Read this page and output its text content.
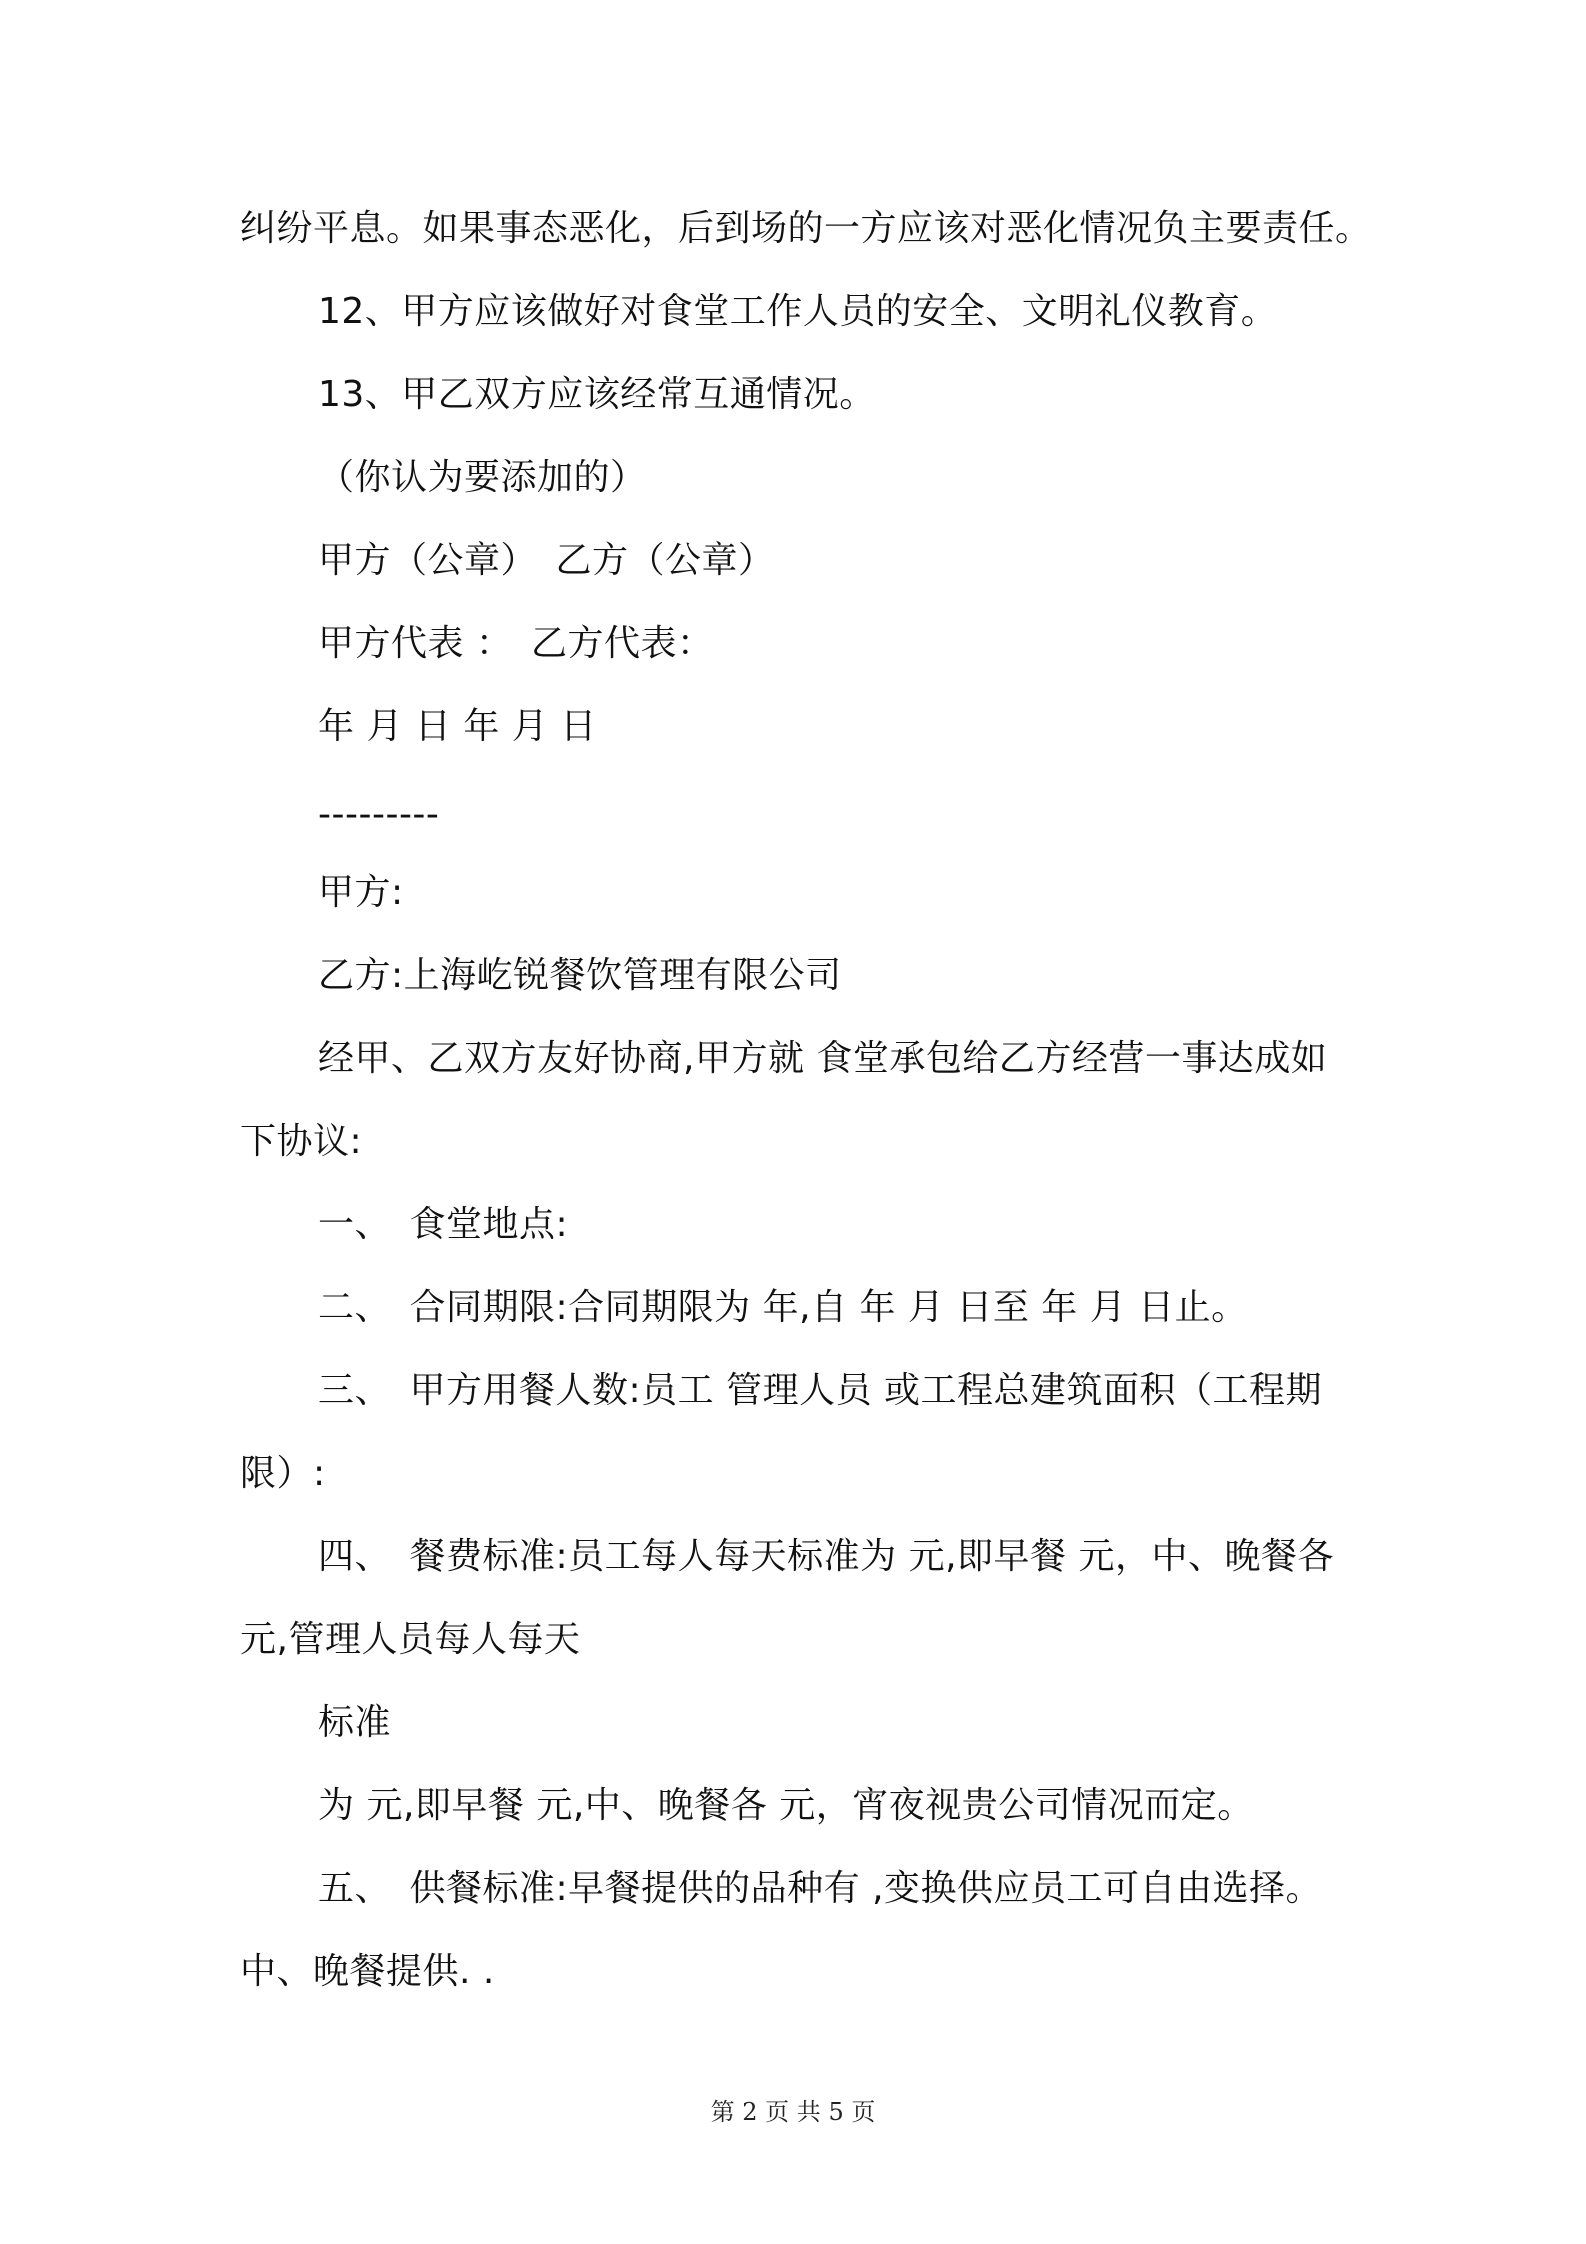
纠纷平息。如果事态恶化，后到场的一方应该对恶化情况负主要责任。
12、甲方应该做好对食堂工作人员的安全、文明礼仪教育。
13、甲乙双方应该经常互通情况。
（你认为要添加的）
甲方（公章）　乙方（公章）
甲方代表 ：　乙方代表：
年 月 日 年 月 日
---------
甲方:
乙方:上海屹锐餐饮管理有限公司
经甲、乙双方友好协商,甲方就 食堂承包给乙方经营一事达成如
下协议:
一、　食堂地点:
二、　合同期限:合同期限为 年,自 年 月 日至 年 月 日止。
三、　甲方用餐人数:员工 管理人员 或工程总建筑面积（工程期
限）:
四、　餐费标准:员工每人每天标准为 元,即早餐 元，中、晚餐各
元,管理人员每人每天
标准
为 元,即早餐 元,中、晚餐各 元，宵夜视贵公司情况而定。
五、　供餐标准:早餐提供的品种有 ,变换供应员工可自由选择。
中、晚餐提供. .
第 2 页 共 5 页
